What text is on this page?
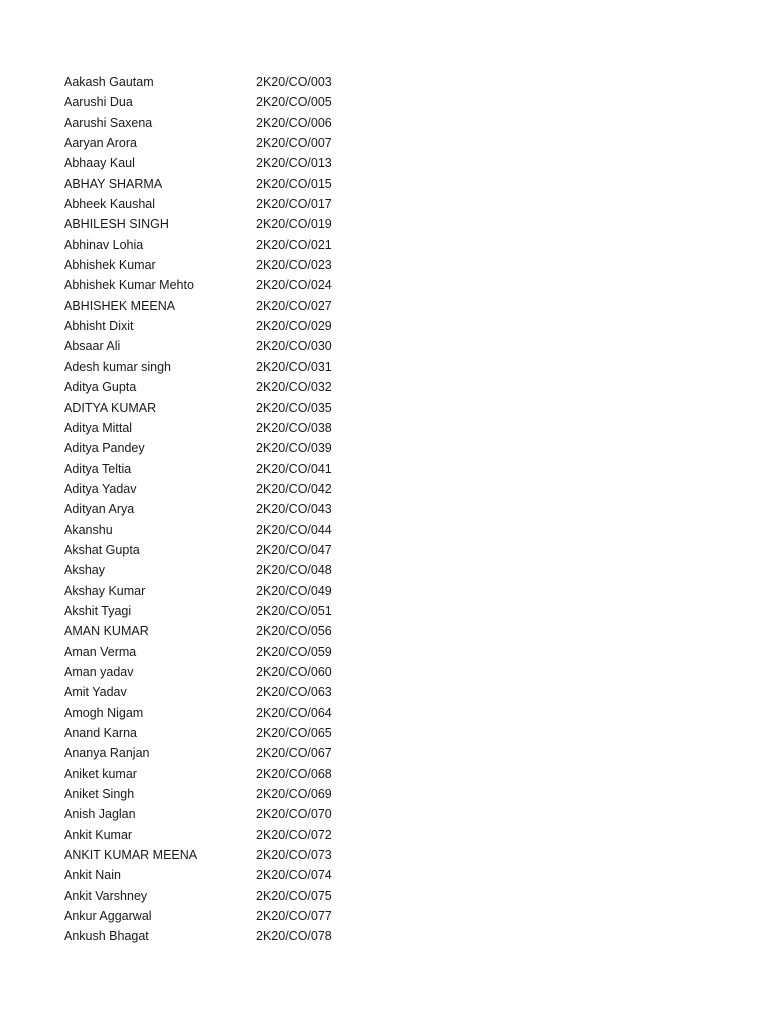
Aakash Gautam	2K20/CO/003
Aarushi Dua	2K20/CO/005
Aarushi Saxena	2K20/CO/006
Aaryan Arora	2K20/CO/007
Abhaay Kaul	2K20/CO/013
ABHAY SHARMA	2K20/CO/015
Abheek Kaushal	2K20/CO/017
ABHILESH SINGH	2K20/CO/019
Abhinav Lohia	2K20/CO/021
Abhishek Kumar	2K20/CO/023
Abhishek Kumar Mehto	2K20/CO/024
ABHISHEK MEENA	2K20/CO/027
Abhisht Dixit	2K20/CO/029
Absaar Ali	2K20/CO/030
Adesh kumar singh	2K20/CO/031
Aditya Gupta	2K20/CO/032
ADITYA KUMAR	2K20/CO/035
Aditya Mittal	2K20/CO/038
Aditya Pandey	2K20/CO/039
Aditya Teltia	2K20/CO/041
Aditya Yadav	2K20/CO/042
Adityan Arya	2K20/CO/043
Akanshu	2K20/CO/044
Akshat Gupta	2K20/CO/047
Akshay	2K20/CO/048
Akshay Kumar	2K20/CO/049
Akshit Tyagi	2K20/CO/051
AMAN KUMAR	2K20/CO/056
Aman Verma	2K20/CO/059
Aman yadav	2K20/CO/060
Amit Yadav	2K20/CO/063
Amogh Nigam	2K20/CO/064
Anand Karna	2K20/CO/065
Ananya Ranjan	2K20/CO/067
Aniket kumar	2K20/CO/068
Aniket Singh	2K20/CO/069
Anish Jaglan	2K20/CO/070
Ankit Kumar	2K20/CO/072
ANKIT KUMAR MEENA	2K20/CO/073
Ankit Nain	2K20/CO/074
Ankit Varshney	2K20/CO/075
Ankur Aggarwal	2K20/CO/077
Ankush Bhagat	2K20/CO/078
